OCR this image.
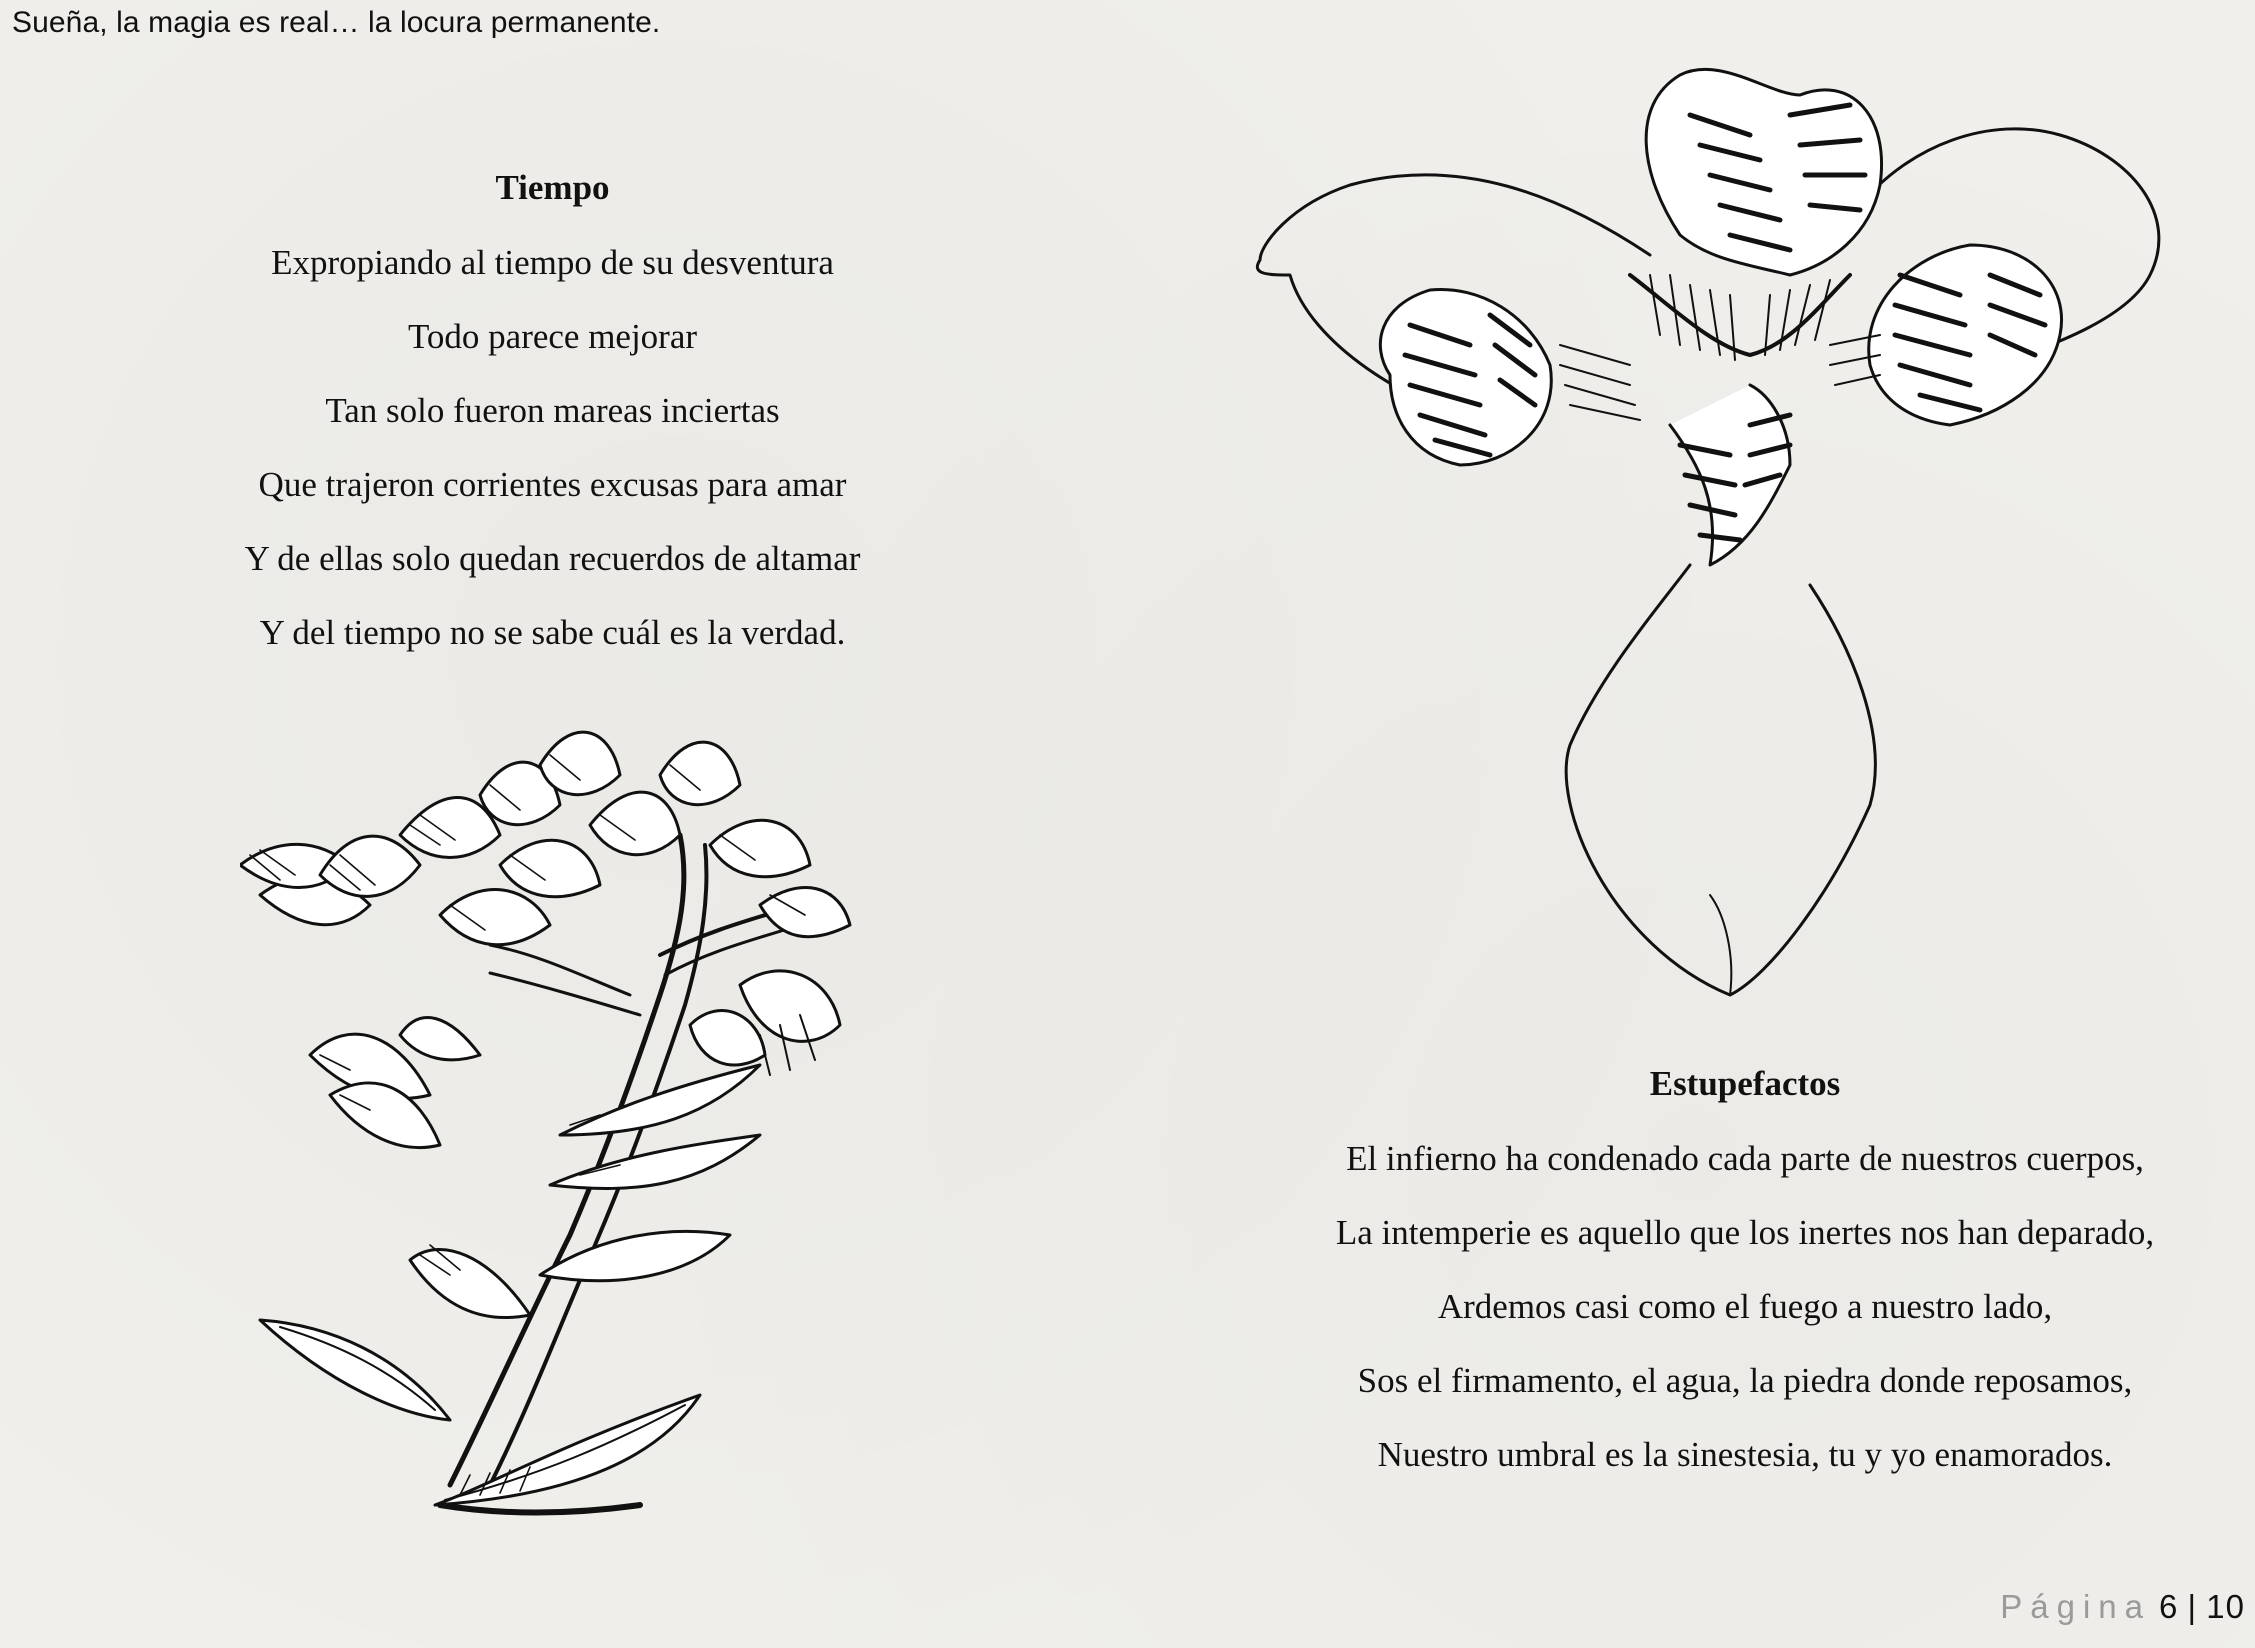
Sueña, la magia es real… la locura permanente.
Tiempo
Expropiando al tiempo de su desventura
Todo parece mejorar
Tan solo fueron mareas inciertas
Que trajeron corrientes excusas para amar
Y de ellas solo quedan recuerdos de altamar
Y del tiempo no se sabe cuál es la verdad.
Estupefactos
El infierno ha condenado cada parte de nuestros cuerpos,
La intemperie es aquello que los inertes nos han deparado,
Ardemos casi como el fuego a nuestro lado,
Sos el firmamento, el agua, la piedra donde reposamos,
Nuestro umbral es la sinestesia, tu y yo enamorados.
Página 6 | 10
